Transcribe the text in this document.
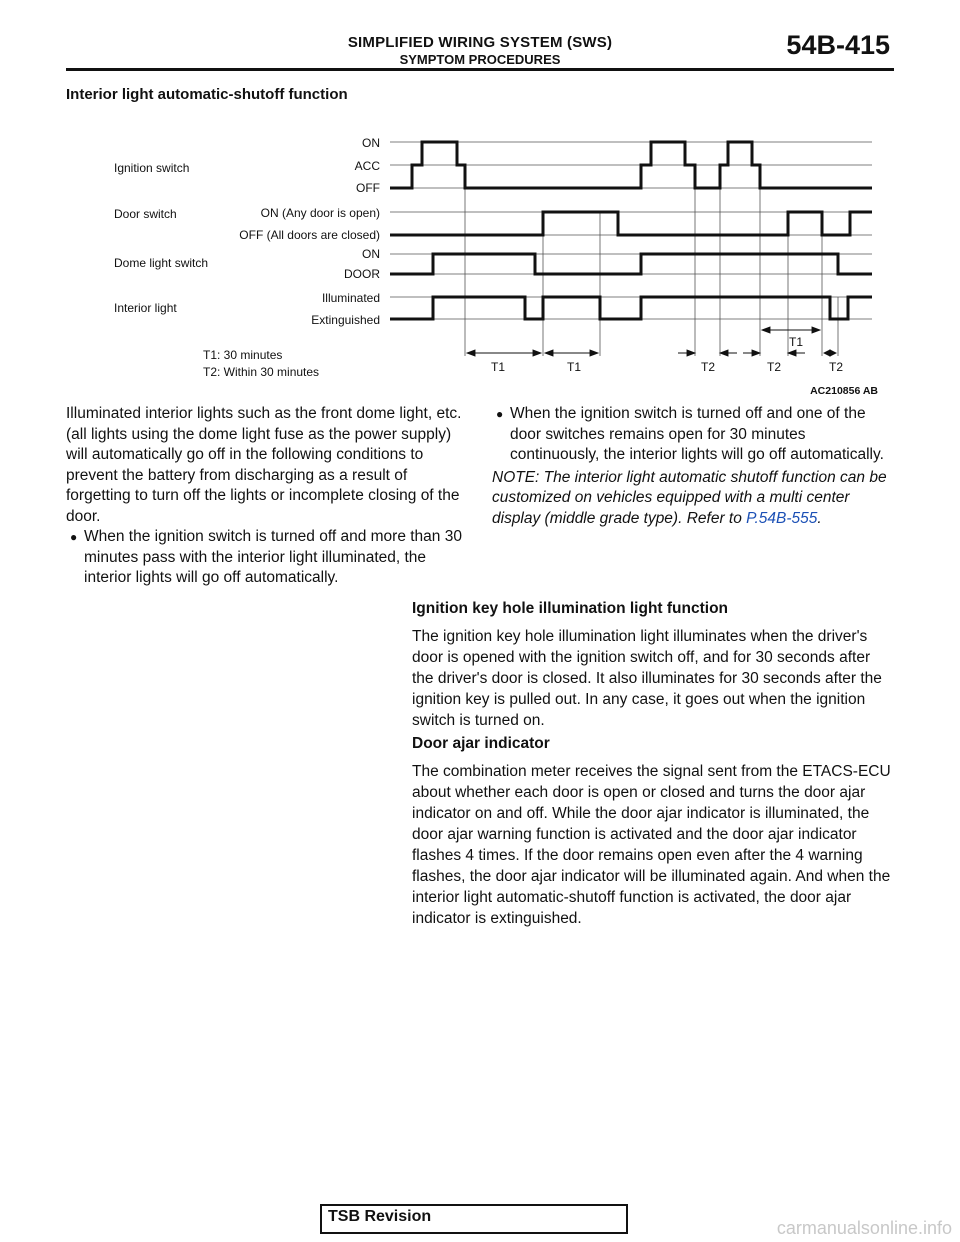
SIMPLIFIED WIRING SYSTEM (SWS)
SYMPTOM PROCEDURES	54B-415
Interior light automatic-shutoff function
Ignition switch
Door switch
Dome light switch
Interior light
ON
ACC
OFF
ON (Any door is open)
OFF (All doors are closed)
ON
DOOR
Illuminated
Extinguished
T1: 30 minutes
T2: Within 30 minutes	T1	T1	T2	T2
T1
T2
AC210856 AB

Illuminated interior lights such as the front dome light, etc. (all lights using the dome light fuse as the power supply) will automatically go off in the following conditions to prevent the battery from discharging as a result of forgetting to turn off the lights or incomplete closing of the door.

● When the ignition switch is turned off and more than 30 minutes pass with the interior light illuminated, the interior lights will go off automatically.
● When the ignition switch is turned off and one of the door switches remains open for 30 minutes continuously, the interior lights will go off automatically.

NOTE: The interior light automatic shutoff function can be customized on vehicles equipped with a multi center display (middle grade type). Refer to P.54B-555.

Ignition key hole illumination light function

The ignition key hole illumination light illuminates when the driver's door is opened with the ignition switch off, and for 30 seconds after the driver's door is closed. It also illuminates for 30 seconds after the ignition key is pulled out. In any case, it goes out when the ignition switch is turned on.

Door ajar indicator

The combination meter receives the signal sent from the ETACS-ECU about whether each door is open or closed and turns the door ajar indicator on and off. While the door ajar indicator is illuminated, the door ajar warning function is activated and the door ajar indicator flashes 4 times. If the door remains open even after the 4 warning flashes, the door ajar indicator will be illuminated again. And when the interior light automatic-shutoff function is activated, the door ajar indicator is extinguished.

TSB Revision
carmanualsonline.info
